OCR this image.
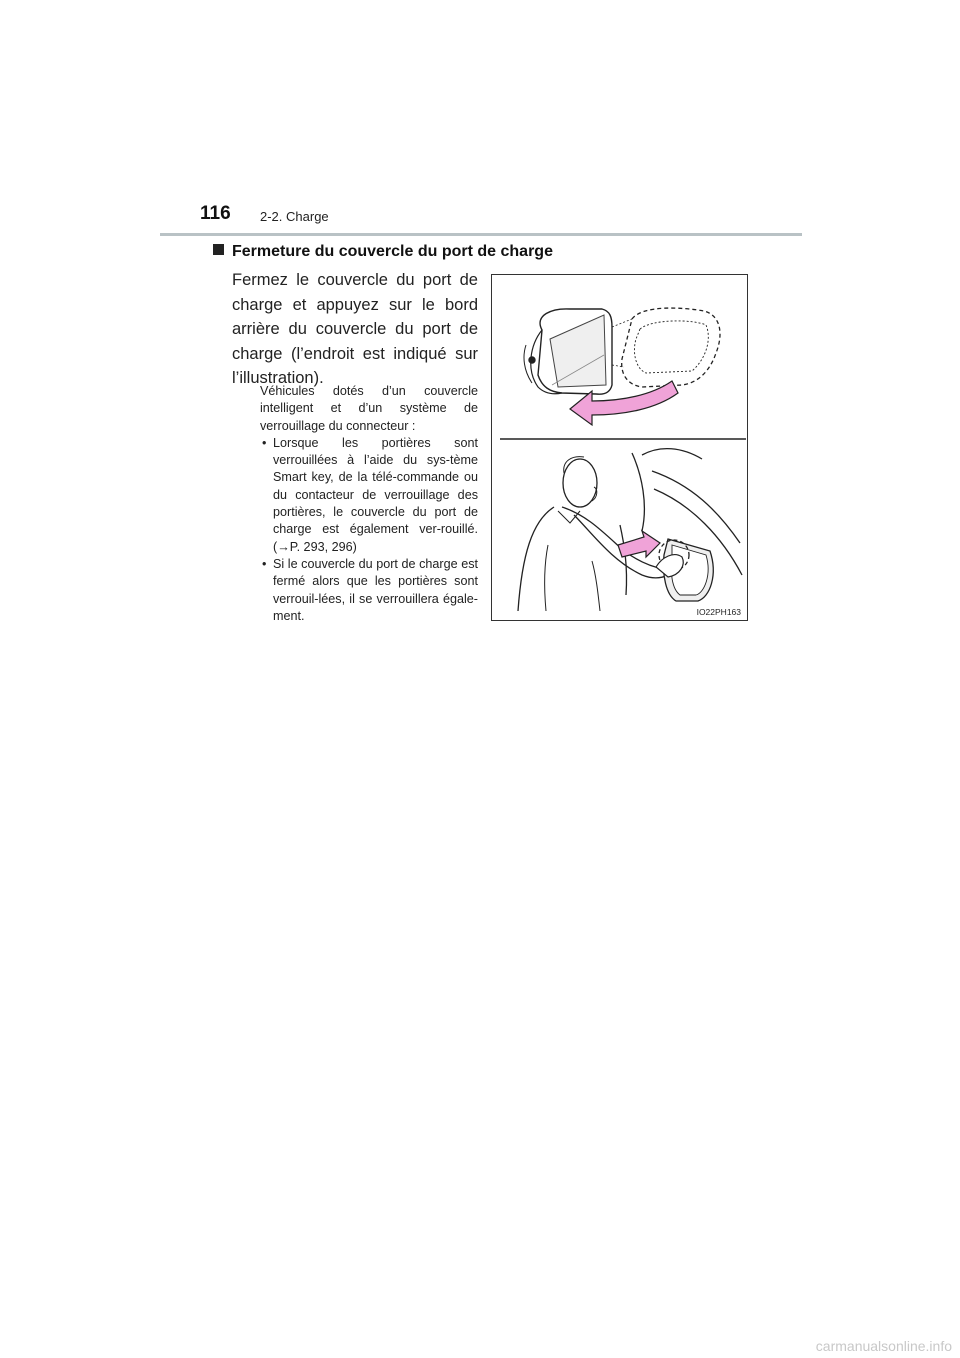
116 2-2. Charge
Fermeture du couvercle du port de charge
Fermez le couvercle du port de charge et appuyez sur le bord arrière du couvercle du port de charge (l’endroit est indiqué sur l’illustration).

Véhicules dotés d’un couvercle intelligent et d’un système de verrouillage du connecteur :

• Lorsque les portières sont verrouillées à l’aide du sys-tème Smart key, de la télé-commande ou du contacteur de verrouillage des portières, le couvercle du port de charge est également ver-rouillé. (→P. 293, 296)
• Si le couvercle du port de charge est fermé alors que les portières sont verrouil-lées, il se verrouillera égale-ment.	IO22PH163
carmanualsonline.info
